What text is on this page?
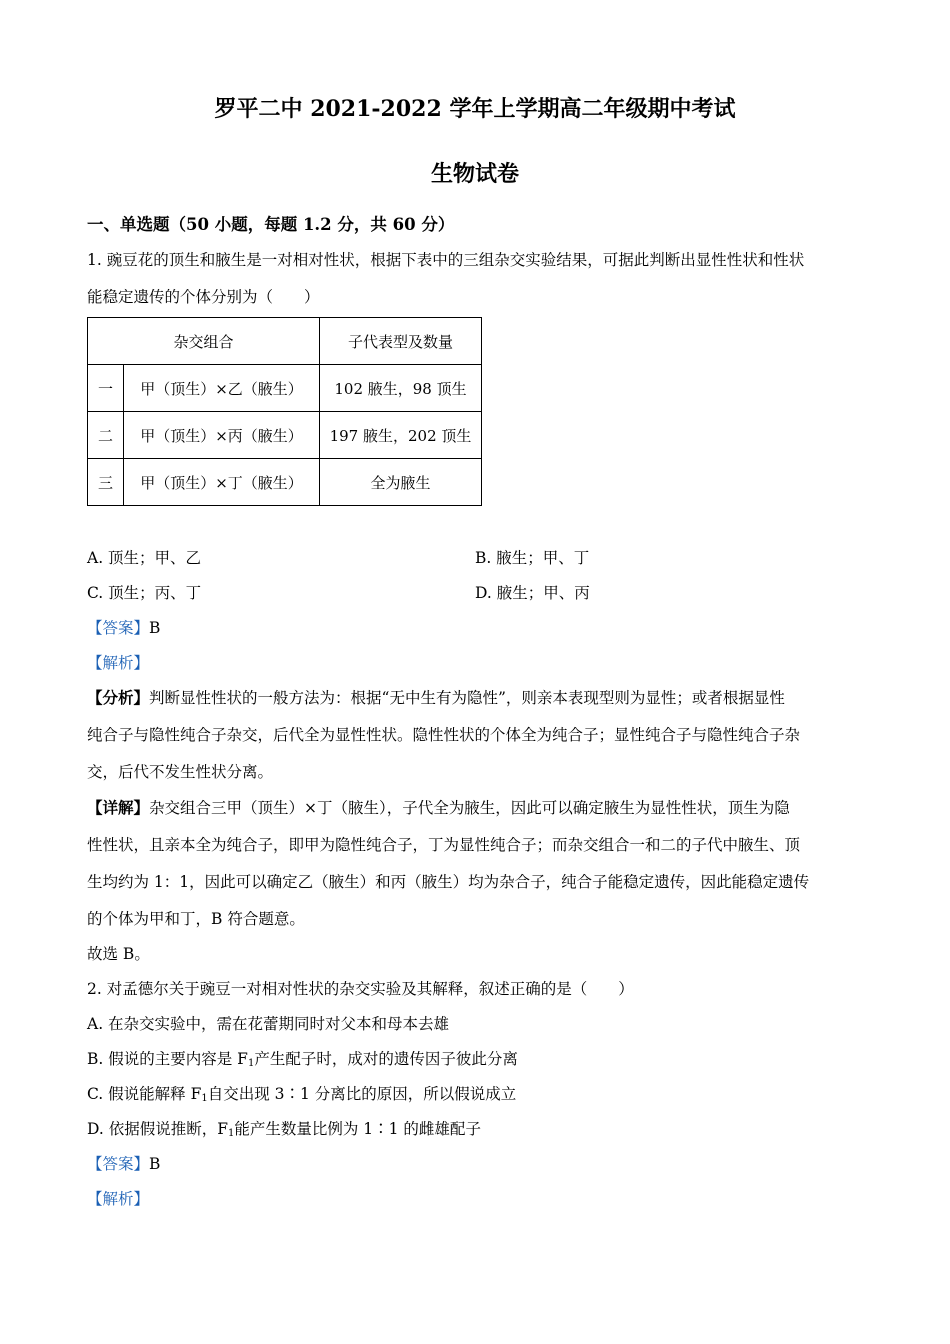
罗平二中 2021-2022 学年上学期高二年级期中考试
生物试卷
一、单选题（50 小题，每题 1.2 分，共 60 分）
1. 豌豆花的顶生和腋生是一对相对性状，根据下表中的三组杂交实验结果，可据此判断出显性性状和性状
能稳定遗传的个体分别为（　　）
杂交组合		子代表型及数量
一	甲（顶生）×乙（腋生）	102 腋生，98 顶生
二	甲（顶生）×丙（腋生）	197 腋生，202 顶生
三	甲（顶生）×丁（腋生）	全为腋生
A. 顶生；甲、乙	B. 腋生；甲、丁
C. 顶生；丙、丁	D. 腋生；甲、丙
【答案】B
【解析】
【分析】判断显性性状的一般方法为：根据“无中生有为隐性”，则亲本表现型则为显性；或者根据显性
纯合子与隐性纯合子杂交，后代全为显性性状。隐性性状的个体全为纯合子；显性纯合子与隐性纯合子杂
交，后代不发生性状分离。
【详解】杂交组合三甲（顶生）×丁（腋生），子代全为腋生，因此可以确定腋生为显性性状，顶生为隐
性性状，且亲本全为纯合子，即甲为隐性纯合子，丁为显性纯合子；而杂交组合一和二的子代中腋生、顶
生均约为 1：1，因此可以确定乙（腋生）和丙（腋生）均为杂合子，纯合子能稳定遗传，因此能稳定遗传
的个体为甲和丁，B 符合题意。
故选 B。
2. 对孟德尔关于豌豆一对相对性状的杂交实验及其解释，叙述正确的是（　　）
A. 在杂交实验中，需在花蕾期同时对父本和母本去雄
B. 假说的主要内容是 $F_1$产生配子时，成对的遗传因子彼此分离
C. 假说能解释 $F_1$自交出现 3∶1 分离比的原因，所以假说成立
D. 依据假说推断，$F_1$能产生数量比例为 1∶1 的雌雄配子
【答案】B
【解析】
